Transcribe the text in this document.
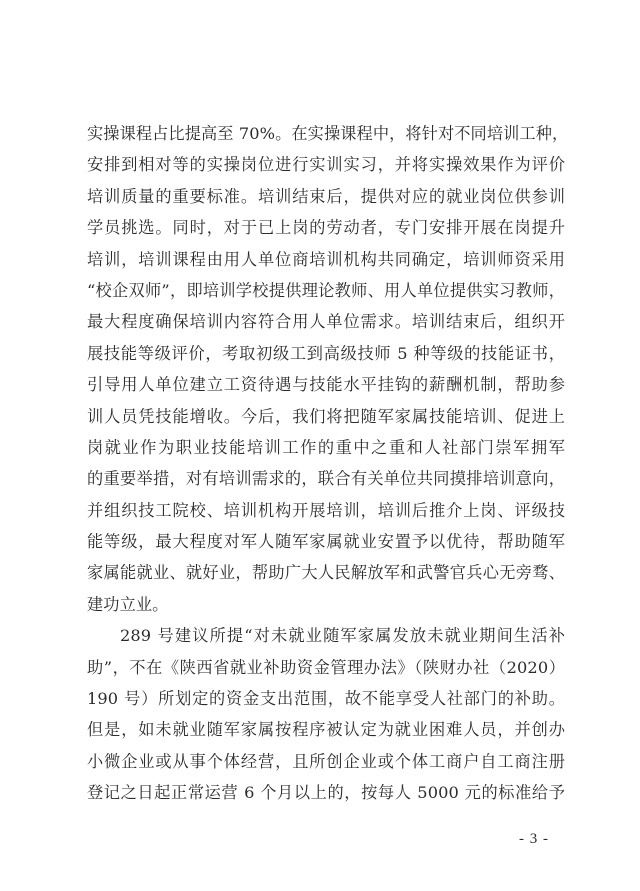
实操课程占比提高至 70%。在实操课程中，将针对不同培训工种，
安排到相对等的实操岗位进行实训实习，并将实操效果作为评价
培训质量的重要标准。培训结束后，提供对应的就业岗位供参训
学员挑选。同时，对于已上岗的劳动者，专门安排开展在岗提升
培训，培训课程由用人单位商培训机构共同确定，培训师资采用
“校企双师”，即培训学校提供理论教师、用人单位提供实习教师，
最大程度确保培训内容符合用人单位需求。培训结束后，组织开
展技能等级评价，考取初级工到高级技师 5 种等级的技能证书，
引导用人单位建立工资待遇与技能水平挂钩的薪酬机制，帮助参
训人员凭技能增收。今后，我们将把随军家属技能培训、促进上
岗就业作为职业技能培训工作的重中之重和人社部门崇军拥军
的重要举措，对有培训需求的，联合有关单位共同摸排培训意向，
并组织技工院校、培训机构开展培训，培训后推介上岗、评级技
能等级，最大程度对军人随军家属就业安置予以优待，帮助随军
家属能就业、就好业，帮助广大人民解放军和武警官兵心无旁骛、
建功立业。
289 号建议所提“对未就业随军家属发放未就业期间生活补
助”，不在《陕西省就业补助资金管理办法》（陕财办社（2020）
190 号）所划定的资金支出范围，故不能享受人社部门的补助。
但是，如未就业随军家属按程序被认定为就业困难人员，并创办
小微企业或从事个体经营，且所创企业或个体工商户自工商注册
登记之日起正常运营 6 个月以上的，按每人 5000 元的标准给予
- 3 -
